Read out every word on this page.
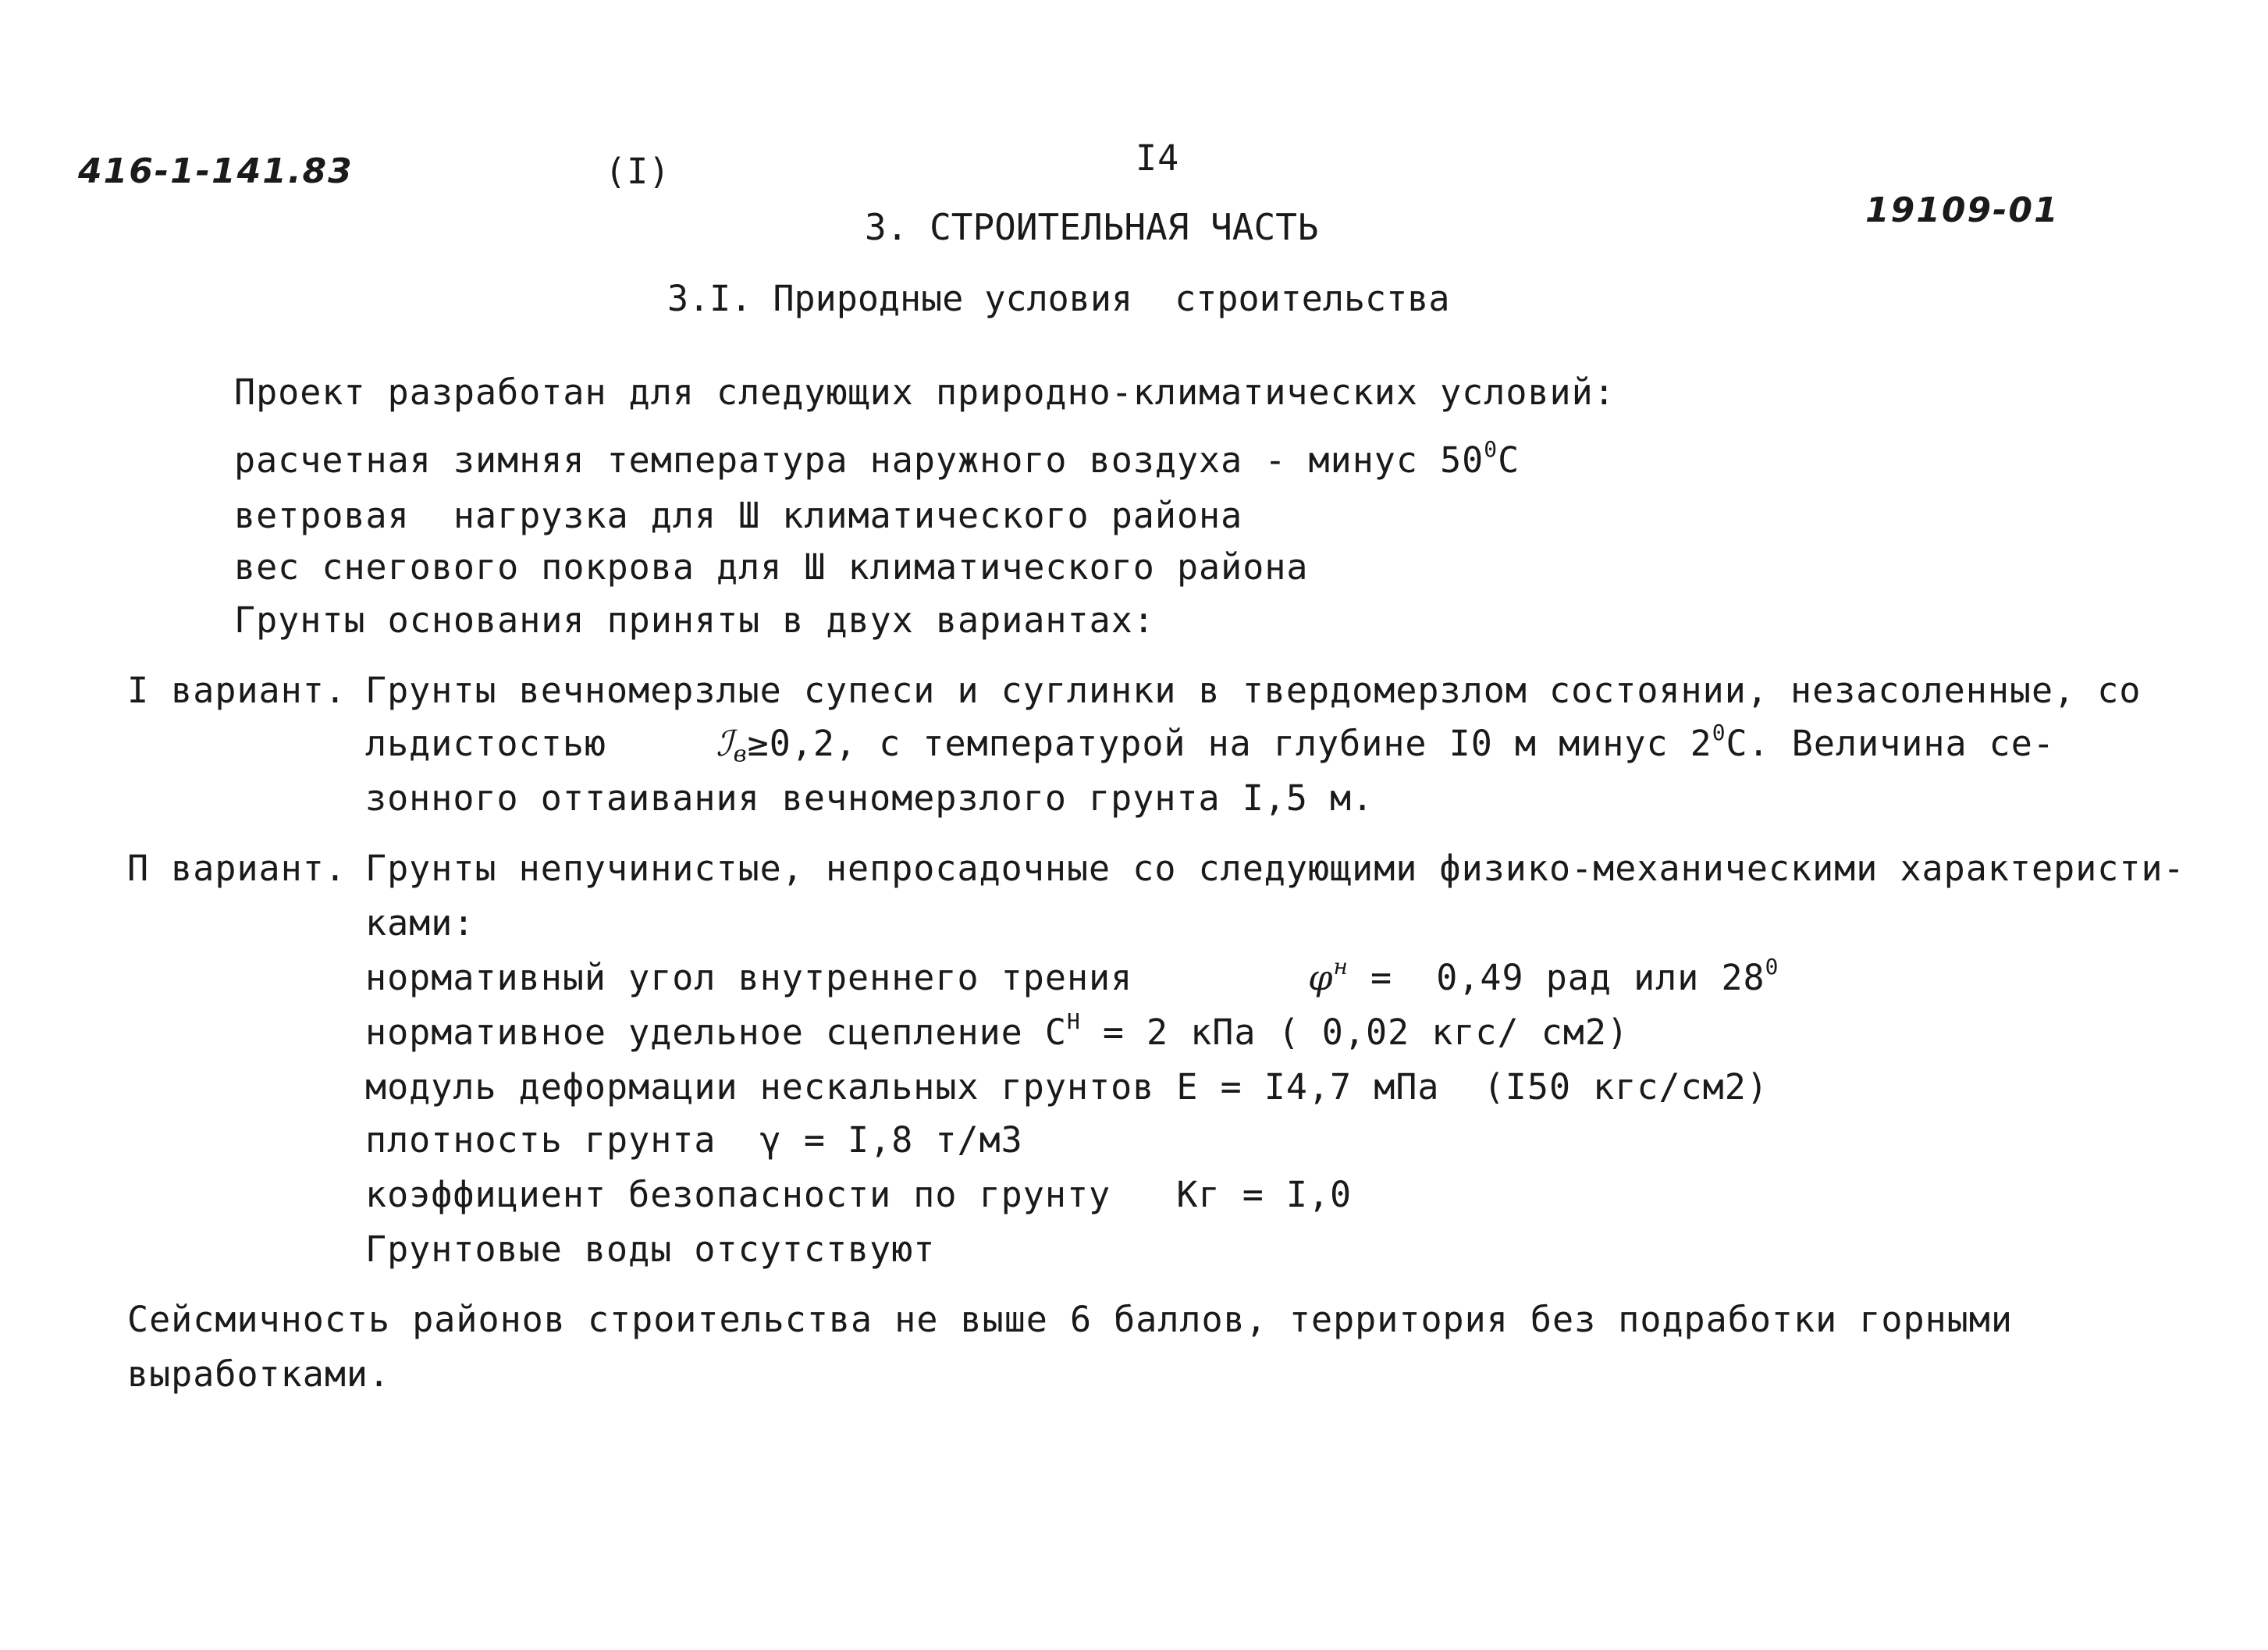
416-1-141.83	(I)	I4
19109-01
3. СТРОИТЕЛЬНАЯ ЧАСТЬ
3.I. Природные условия  строительства
Проект разработан для следующих природно-климатических условий:
расчетная зимняя температура наружного воздуха - минус $50^0С$
ветровая  нагрузка для Ш климатического района
вес снегового покрова для Ш климатического района
Грунты основания приняты в двух вариантах:
I вариант. Грунты вечномерзлые супеси и суглинки в твердомерзлом состоянии, незасоленные, со
льдистостью	ℐв≥0,2, с температурой на глубине I0 м минус $2^0С$. Величина се-
зонного оттаивания вечномерзлого грунта I,5 м.
П вариант. Грунты непучинистые, непросадочные со следующими физико-механическими характеристи-
ками:
нормативный угол внутреннего трения	$\varphi^н = 0,49$ рад или $28^0$
нормативное удельное сцепление $С^Н = 2$ кПа ( 0,02 кгс/ см2)
модуль деформации нескальных грунтов Е = I4,7 мПа  (I50 кгс/см2)
плотность грунта  γ = I,8 т/м3
коэффициент безопасности по грунту   Кг = I,0
Грунтовые воды отсутствуют
Сейсмичность районов строительства не выше 6 баллов, территория без подработки горными
выработками.
